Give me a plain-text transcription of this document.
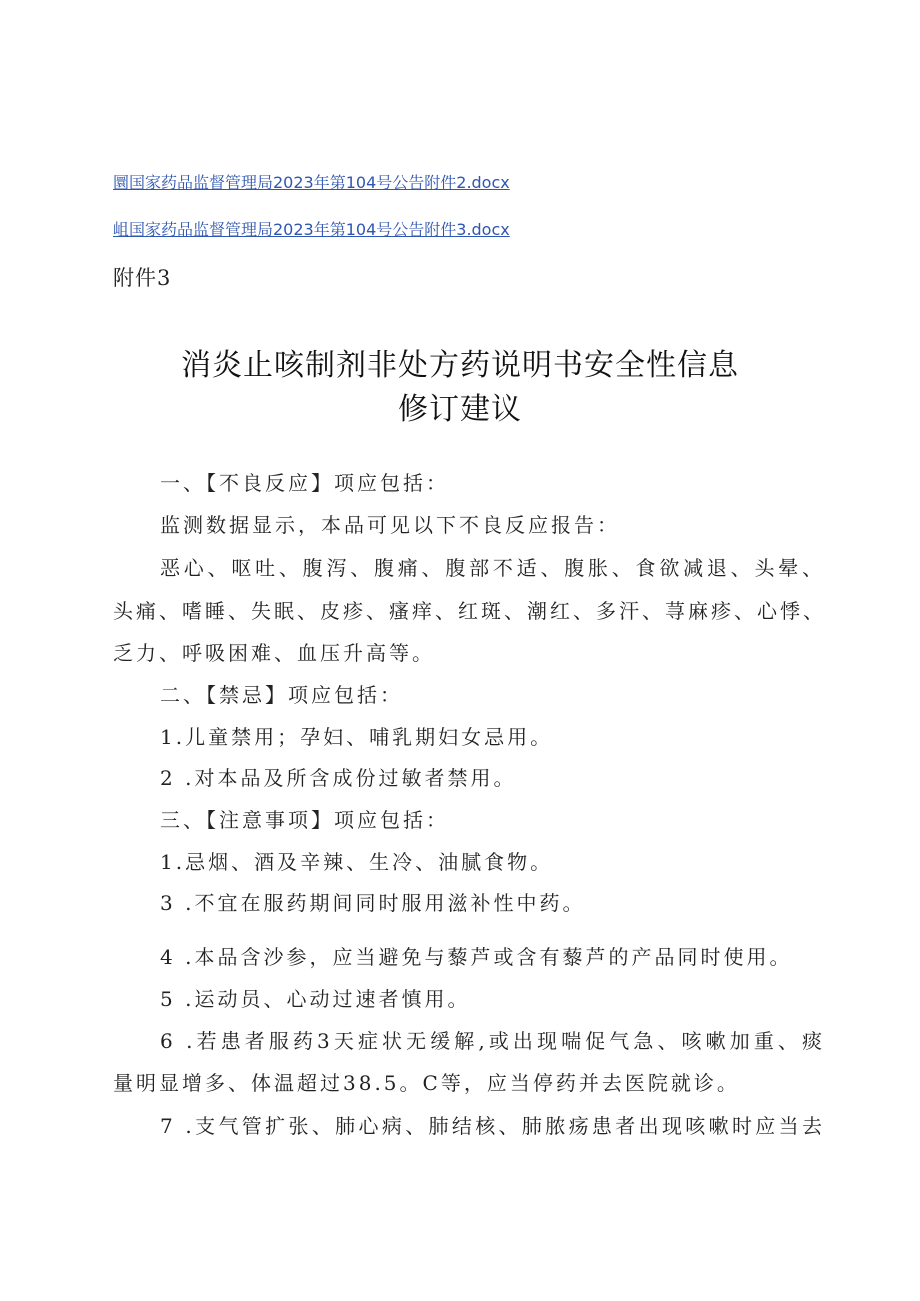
圜国家药品监督管理局2023年第104号公告附件2.docx
岨国家药品监督管理局2023年第104号公告附件3.docx
附件3
消炎止咳制剂非处方药说明书安全性信息
修订建议
一、【不良反应】项应包括：
监测数据显示，本品可见以下不良反应报告：
恶心、呕吐、腹泻、腹痛、腹部不适、腹胀、食欲减退、头晕、
头痛、嗜睡、失眠、皮疹、瘙痒、红斑、潮红、多汗、荨麻疹、心悸、
乏力、呼吸困难、血压升高等。
二、【禁忌】项应包括：
1.儿童禁用；孕妇、哺乳期妇女忌用。
2 .对本品及所含成份过敏者禁用。
三、【注意事项】项应包括：
1.忌烟、酒及辛辣、生冷、油腻食物。
3 .不宜在服药期间同时服用滋补性中药。
4 .本品含沙参，应当避免与藜芦或含有藜芦的产品同时使用。
5 .运动员、心动过速者慎用。
6 .若患者服药3天症状无缓解,或出现喘促气急、咳嗽加重、痰
量明显增多、体温超过38.5。C等，应当停药并去医院就诊。
7 .支气管扩张、肺心病、肺结核、肺脓疡患者出现咳嗽时应当去
